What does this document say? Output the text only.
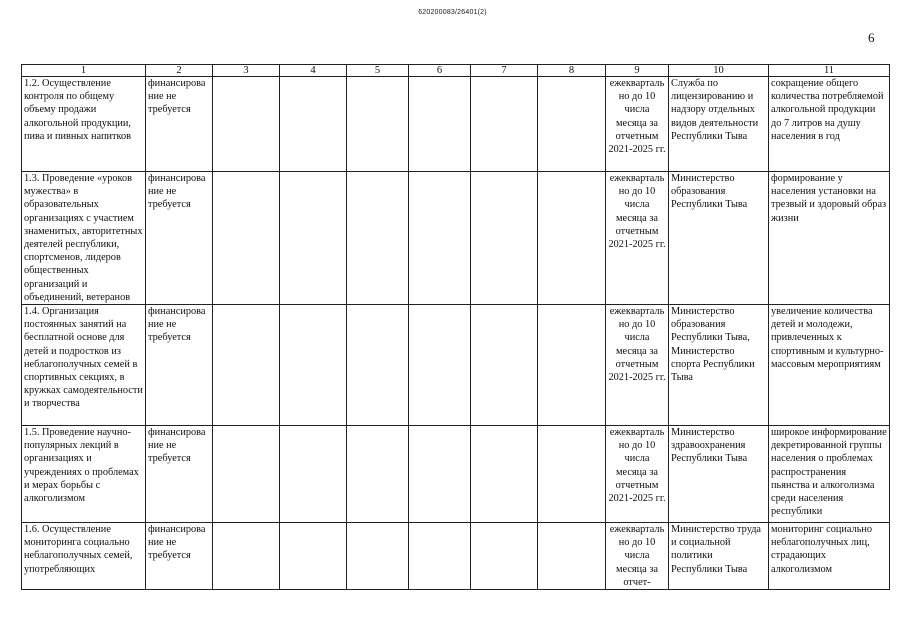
620200083/26401(2)
6
1	2	3	4	5	6	7	8	9	10	11
1.2. Осуществление контроля по общему объему продажи алкогольной продукции, пива и пивных напитков	финансирование не требуется							ежеквартально до 10 числа месяца за отчетным 2021-2025 гг.	Служба по лицензированию и надзору отдельных видов деятельности Республики Тыва	сокращение общего количества потребляемой алкогольной продукции до 7 литров на душу населения в год
1.3. Проведение «уроков мужества» в образовательных организациях с участием знаменитых, авторитетных деятелей республики, спортсменов, лидеров общественных организаций и объединений, ветеранов	финансирование не требуется							ежеквартально до 10 числа месяца за отчетным 2021-2025 гг.	Министерство образования Республики Тыва	формирование у населения установки на трезвый и здоровый образ жизни
1.4. Организация постоянных занятий на бесплатной основе для детей и подростков из неблагополучных семей в спортивных секциях, в кружках самодеятельности и творчества	финансирование не требуется							ежеквартально до 10 числа месяца за отчетным 2021-2025 гг.	Министерство образования Республики Тыва, Министерство спорта Республики Тыва	увеличение количества детей и молодежи, привлеченных к спортивным и культурно-массовым мероприятиям
1.5. Проведение научно-популярных лекций в организациях и учреждениях о проблемах и мерах борьбы с алкоголизмом	финансирование не требуется							ежеквартально до 10 числа месяца за отчетным 2021-2025 гг.	Министерство здравоохранения Республики Тыва	широкое информирование декретированной группы населения о проблемах распространения пьянства и алкоголизма среди населения республики
1.6. Осуществление мониторинга социально неблагополучных семей, употребляющих	финансирование не требуется							ежеквартально до 10 числа месяца за отчет-	Министерство труда и социальной политики Республики Тыва	мониторинг социально неблагополучных лиц, страдающих алкоголизмом
